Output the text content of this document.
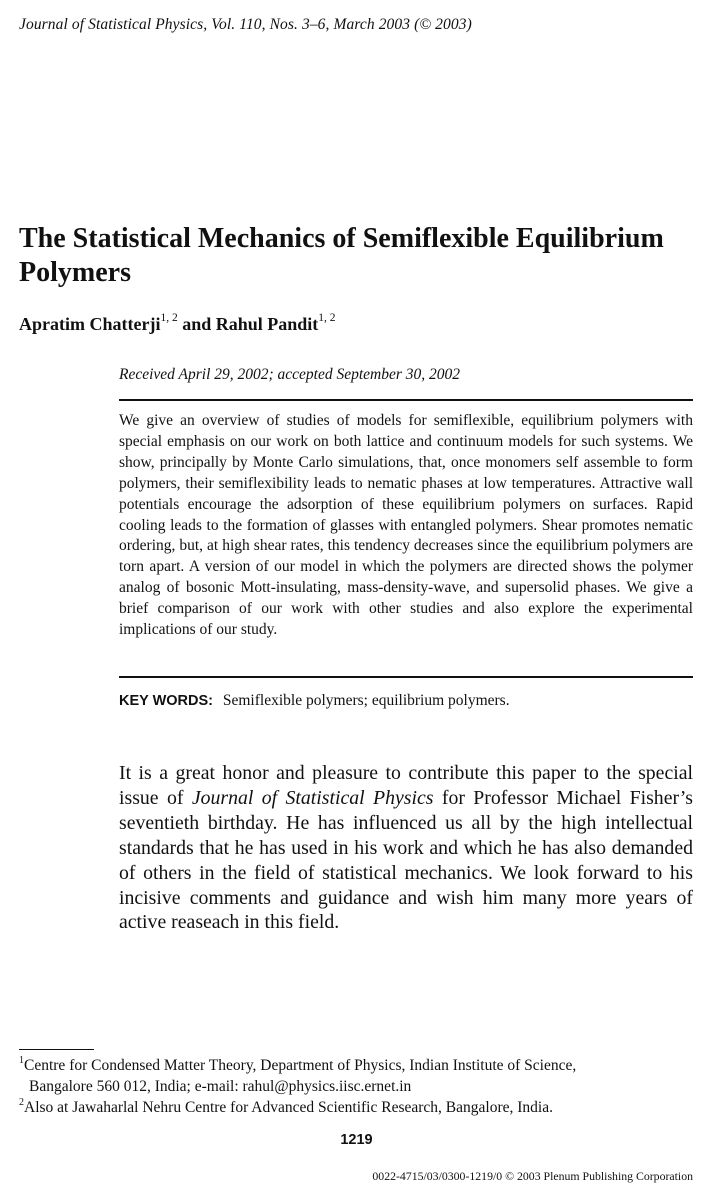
Journal of Statistical Physics, Vol. 110, Nos. 3–6, March 2003 (© 2003)
The Statistical Mechanics of Semiflexible Equilibrium Polymers
Apratim Chatterji$^{1, 2}$ and Rahul Pandit$^{1, 2}$
Received April 29, 2002; accepted September 30, 2002

We give an overview of studies of models for semiflexible, equilibrium polymers with special emphasis on our work on both lattice and continuum models for such systems. We show, principally by Monte Carlo simulations, that, once monomers self assemble to form polymers, their semiflexibility leads to nematic phases at low temperatures. Attractive wall potentials encourage the adsorption of these equilibrium polymers on surfaces. Rapid cooling leads to the formation of glasses with entangled polymers. Shear promotes nematic ordering, but, at high shear rates, this tendency decreases since the equilibrium polymers are torn apart. A version of our model in which the polymers are directed shows the polymer analog of bosonic Mott-insulating, mass-density-wave, and supersolid phases. We give a brief comparison of our work with other studies and also explore the experimental implications of our study.

KEY WORDS: Semiflexible polymers; equilibrium polymers.

It is a great honor and pleasure to contribute this paper to the special issue of Journal of Statistical Physics for Professor Michael Fisher’s seventieth birthday. He has influenced us all by the high intellectual standards that he has used in his work and which he has also demanded of others in the field of statistical mechanics. We look forward to his incisive comments and guidance and wish him many more years of active reaseach in this field.

$^1$Centre for Condensed Matter Theory, Department of Physics, Indian Institute of Science,
Bangalore 560 012, India; e-mail: rahul@physics.iisc.ernet.in

$^2$Also at Jawaharlal Nehru Centre for Advanced Scientific Research, Bangalore, India.

1219
0022-4715/03/0300-1219/0 © 2003 Plenum Publishing Corporation
